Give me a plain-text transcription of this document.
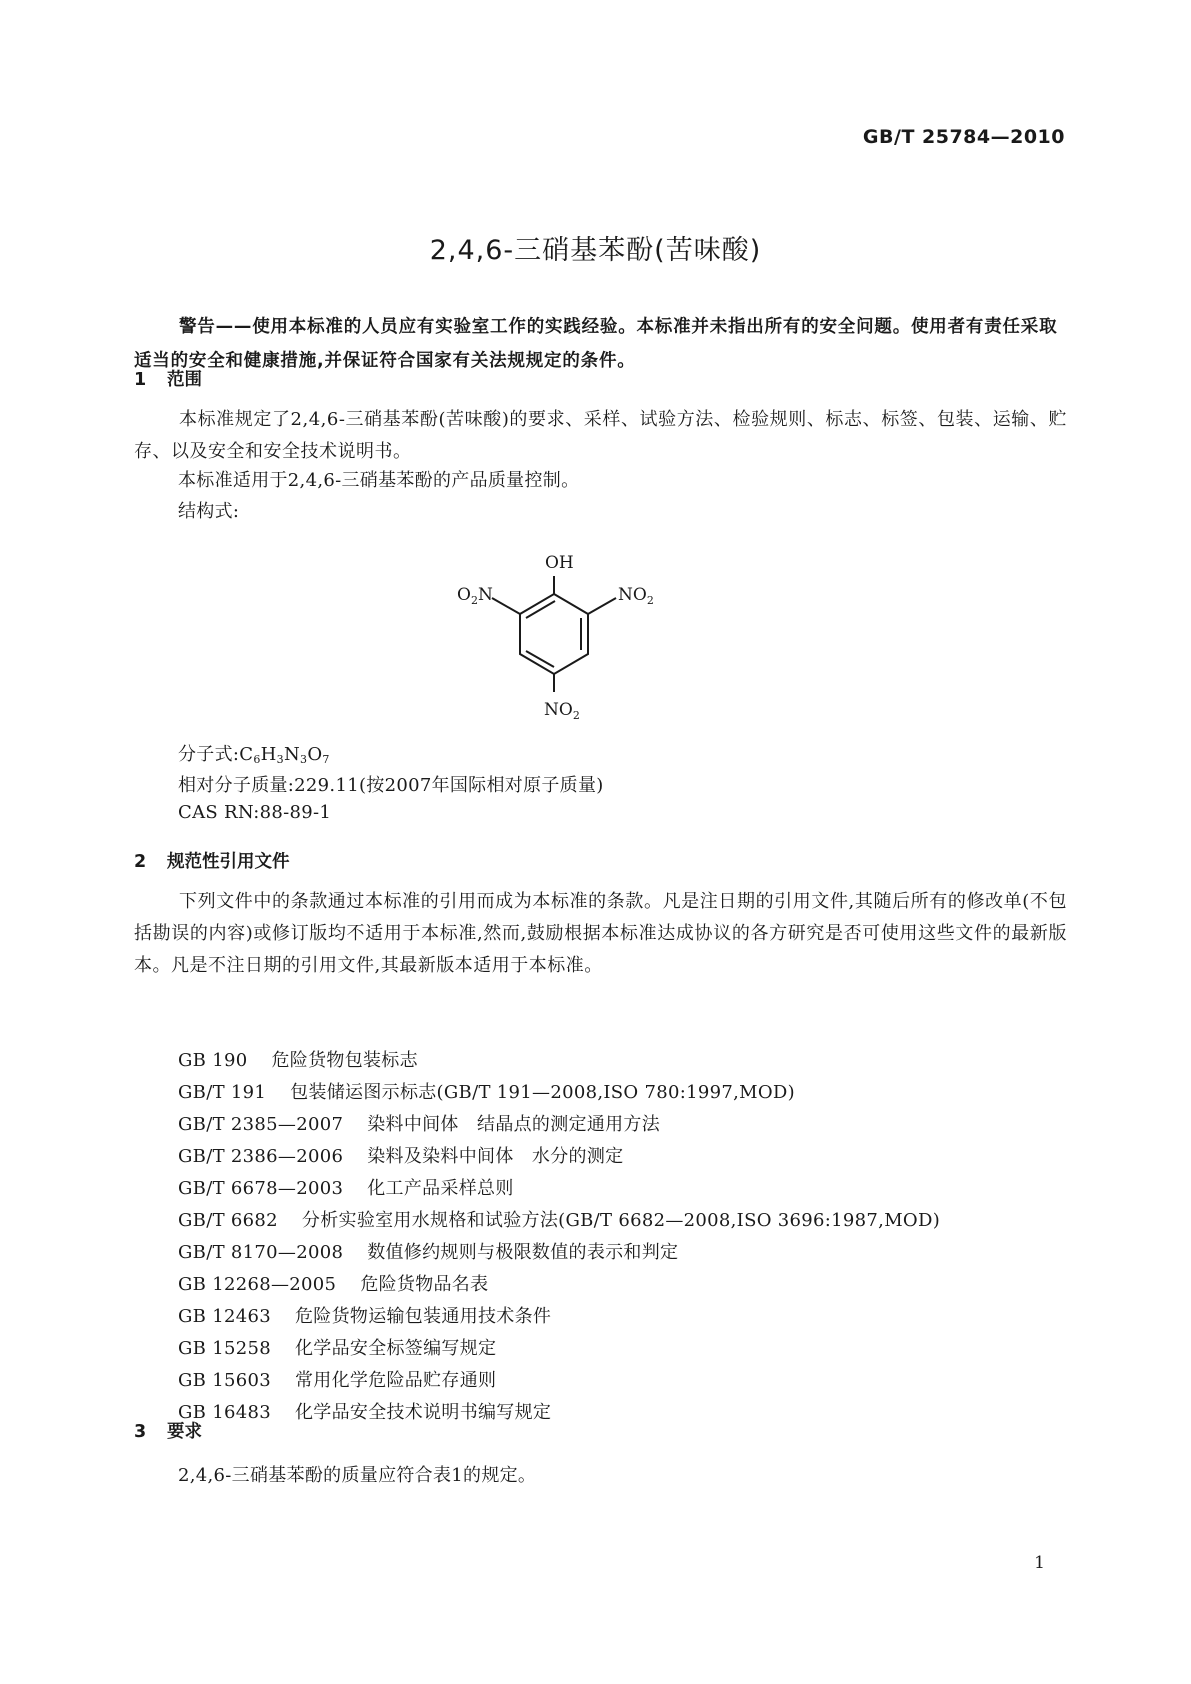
GB/T 25784—2010
2,4,6-三硝基苯酚(苦味酸)
警告——使用本标准的人员应有实验室工作的实践经验。本标准并未指出所有的安全问题。使用者有责任采取适当的安全和健康措施,并保证符合国家有关法规规定的条件。
1 范围
本标准规定了2,4,6-三硝基苯酚(苦味酸)的要求、采样、试验方法、检验规则、标志、标签、包装、运输、贮存、以及安全和安全技术说明书。
本标准适用于2,4,6-三硝基苯酚的产品质量控制。
结构式:
OH
$O_2N$	$NO_2$
$NO_2$
分子式:C6H3N3O7
相对分子质量:229.11(按2007年国际相对原子质量)
CAS RN:88-89-1
2 规范性引用文件
下列文件中的条款通过本标准的引用而成为本标准的条款。凡是注日期的引用文件,其随后所有的修改单(不包括勘误的内容)或修订版均不适用于本标准,然而,鼓励根据本标准达成协议的各方研究是否可使用这些文件的最新版本。凡是不注日期的引用文件,其最新版本适用于本标准。
GB 190 危险货物包装标志
GB/T 191 包装储运图示标志(GB/T 191—2008,ISO 780:1997,MOD)
GB/T 2385—2007 染料中间体　结晶点的测定通用方法
GB/T 2386—2006 染料及染料中间体　水分的测定
GB/T 6678—2003 化工产品采样总则
GB/T 6682 分析实验室用水规格和试验方法(GB/T 6682—2008,ISO 3696:1987,MOD)
GB/T 8170—2008 数值修约规则与极限数值的表示和判定
GB 12268—2005 危险货物品名表
GB 12463 危险货物运输包装通用技术条件
GB 15258 化学品安全标签编写规定
GB 15603 常用化学危险品贮存通则
GB 16483 化学品安全技术说明书编写规定
3 要求
2,4,6-三硝基苯酚的质量应符合表1的规定。
1
